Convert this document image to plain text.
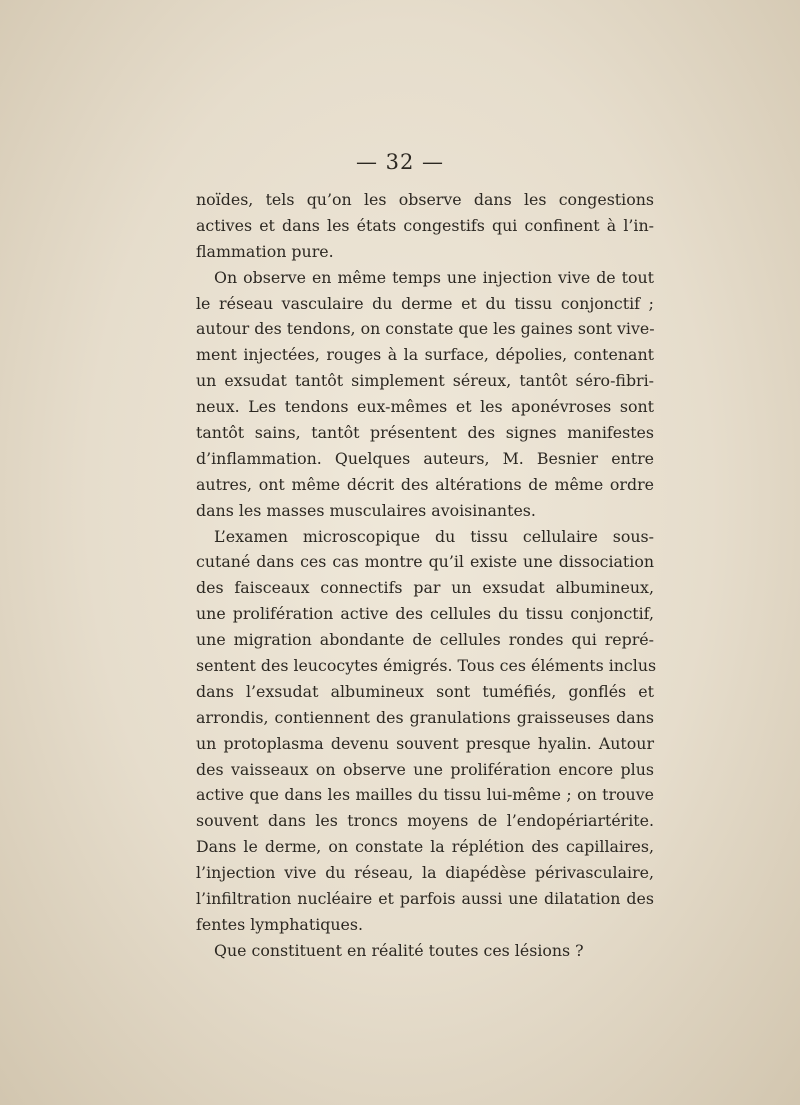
— 32 —
noïdes, tels qu’on les observe dans les congestions
actives et dans les états congestifs qui confinent à l’in-
flammation pure.
On observe en même temps une injection vive de tout
le réseau vasculaire du derme et du tissu conjonctif ;
autour des tendons, on constate que les gaines sont vive-
ment injectées, rouges à la surface, dépolies, contenant
un exsudat tantôt simplement séreux, tantôt séro-fibri-
neux. Les tendons eux-mêmes et les aponévroses sont
tantôt sains, tantôt présentent des signes manifestes
d’inflammation. Quelques auteurs, M. Besnier entre
autres, ont même décrit des altérations de même ordre
dans les masses musculaires avoisinantes.
L’examen microscopique du tissu cellulaire sous-
cutané dans ces cas montre qu’il existe une dissociation
des faisceaux connectifs par un exsudat albumineux,
une prolifération active des cellules du tissu conjonctif,
une migration abondante de cellules rondes qui repré-
sentent des leucocytes émigrés. Tous ces éléments inclus
dans l’exsudat albumineux sont tuméfiés, gonflés et
arrondis, contiennent des granulations graisseuses dans
un protoplasma devenu souvent presque hyalin. Autour
des vaisseaux on observe une prolifération encore plus
active que dans les mailles du tissu lui-même ; on trouve
souvent dans les troncs moyens de l’endopériartérite.
Dans le derme, on constate la réplétion des capillaires,
l’injection vive du réseau, la diapédèse périvasculaire,
l’infiltration nucléaire et parfois aussi une dilatation des
fentes lymphatiques.
Que constituent en réalité toutes ces lésions ?
